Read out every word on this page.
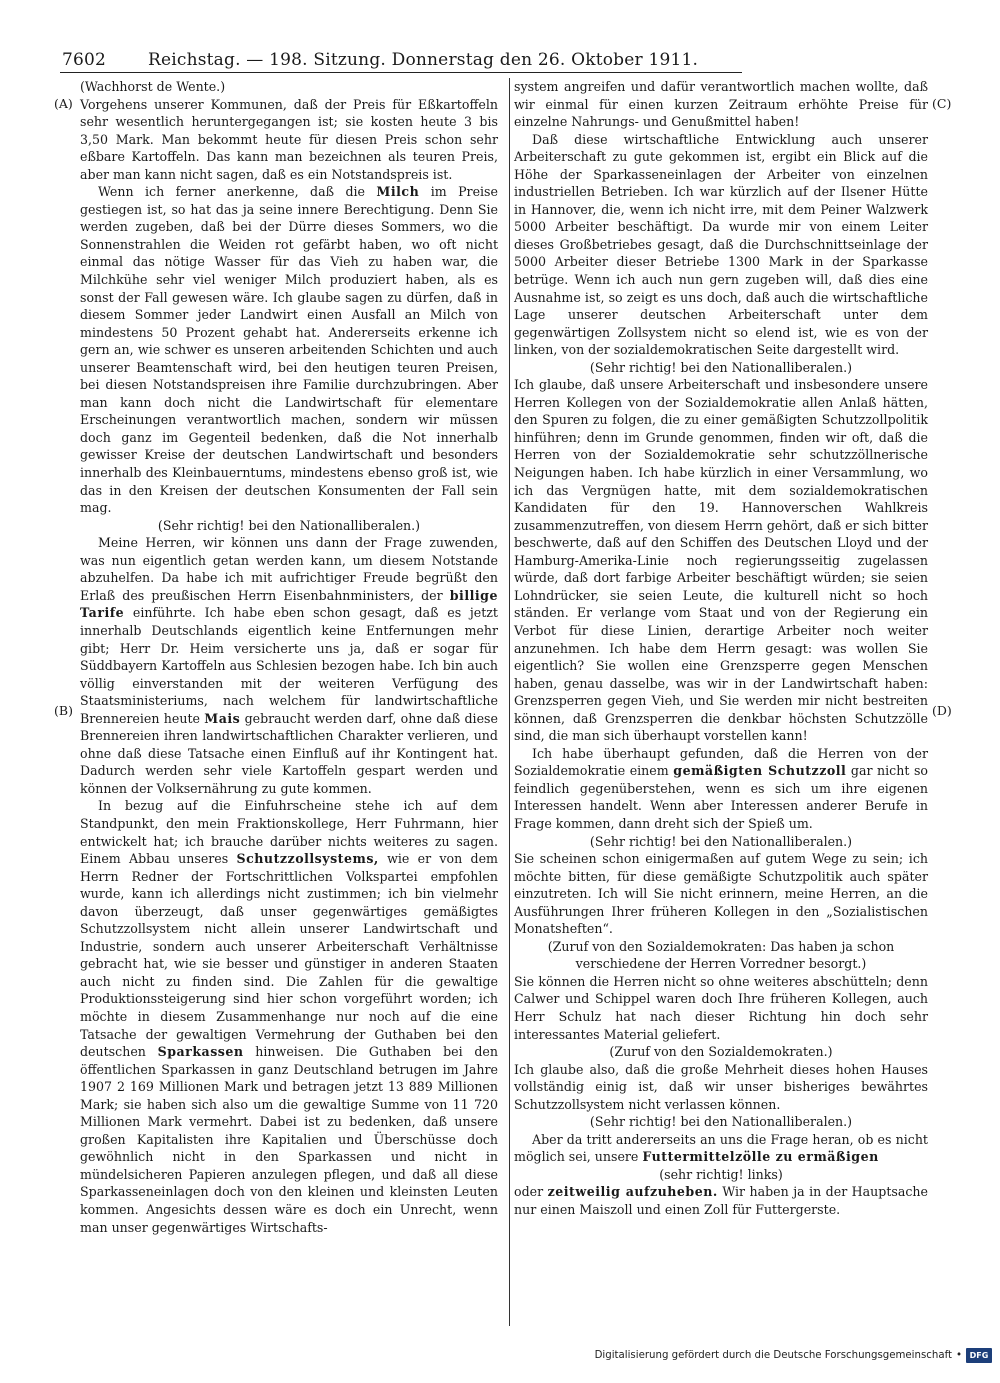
7602	Reichstag. — 198. Sitzung. Donnerstag den 26. Oktober 1911.
(A)
(B)
(C)
(D)

(Wachhorst de Wente.)

Vorgehens unserer Kommunen, daß der Preis für Eßkartoffeln sehr wesentlich heruntergegangen ist; sie kosten heute 3 bis 3,50 Mark. Man bekommt heute für diesen Preis schon sehr eßbare Kartoffeln. Das kann man bezeichnen als teuren Preis, aber man kann nicht sagen, daß es ein Notstandspreis ist.

Wenn ich ferner anerkenne, daß die Milch im Preise gestiegen ist, so hat das ja seine innere Berechtigung. Denn Sie werden zugeben, daß bei der Dürre dieses Sommers, wo die Sonnenstrahlen die Weiden rot gefärbt haben, wo oft nicht einmal das nötige Wasser für das Vieh zu haben war, die Milchkühe sehr viel weniger Milch produziert haben, als es sonst der Fall gewesen wäre. Ich glaube sagen zu dürfen, daß in diesem Sommer jeder Landwirt einen Ausfall an Milch von mindestens 50 Prozent gehabt hat. Andererseits erkenne ich gern an, wie schwer es unseren arbeitenden Schichten und auch unserer Beamtenschaft wird, bei den heutigen teuren Preisen, bei diesen Notstandspreisen ihre Familie durchzubringen. Aber man kann doch nicht die Landwirtschaft für elementare Erscheinungen verantwortlich machen, sondern wir müssen doch ganz im Gegenteil bedenken, daß die Not innerhalb gewisser Kreise der deutschen Landwirtschaft und besonders innerhalb des Kleinbauerntums, mindestens ebenso groß ist, wie das in den Kreisen der deutschen Konsumenten der Fall sein mag.

(Sehr richtig! bei den Nationalliberalen.)

Meine Herren, wir können uns dann der Frage zuwenden, was nun eigentlich getan werden kann, um diesem Notstande abzuhelfen. Da habe ich mit aufrichtiger Freude begrüßt den Erlaß des preußischen Herrn Eisenbahnministers, der billige Tarife einführte. Ich habe eben schon gesagt, daß es jetzt innerhalb Deutschlands eigentlich keine Entfernungen mehr gibt; Herr Dr. Heim versicherte uns ja, daß er sogar für Süddbayern Kartoffeln aus Schlesien bezogen habe. Ich bin auch völlig einverstanden mit der weiteren Verfügung des Staatsministeriums, nach welchem für landwirtschaftliche Brennereien heute Mais gebraucht werden darf, ohne daß diese Brennereien ihren landwirtschaftlichen Charakter verlieren, und ohne daß diese Tatsache einen Einfluß auf ihr Kontingent hat. Dadurch werden sehr viele Kartoffeln gespart werden und können der Volksernährung zu gute kommen.

In bezug auf die Einfuhrscheine stehe ich auf dem Standpunkt, den mein Fraktionskollege, Herr Fuhrmann, hier entwickelt hat; ich brauche darüber nichts weiteres zu sagen. Einem Abbau unseres Schutzzollsystems, wie er von dem Herrn Redner der Fortschrittlichen Volkspartei empfohlen wurde, kann ich allerdings nicht zustimmen; ich bin vielmehr davon überzeugt, daß unser gegenwärtiges gemäßigtes Schutzzollsystem nicht allein unserer Landwirtschaft und Industrie, sondern auch unserer Arbeiterschaft Verhältnisse gebracht hat, wie sie besser und günstiger in anderen Staaten auch nicht zu finden sind. Die Zahlen für die gewaltige Produktionssteigerung sind hier schon vorgeführt worden; ich möchte in diesem Zusammenhange nur noch auf die eine Tatsache der gewaltigen Vermehrung der Guthaben bei den deutschen Sparkassen hinweisen. Die Guthaben bei den öffentlichen Sparkassen in ganz Deutschland betrugen im Jahre 1907 2 169 Millionen Mark und betragen jetzt 13 889 Millionen Mark; sie haben sich also um die gewaltige Summe von 11 720 Millionen Mark vermehrt. Dabei ist zu bedenken, daß unsere großen Kapitalisten ihre Kapitalien und Überschüsse doch gewöhnlich nicht in den Sparkassen und nicht in mündelsicheren Papieren anzulegen pflegen, und daß all diese Sparkasseneinlagen doch von den kleinen und kleinsten Leuten kommen. Angesichts dessen wäre es doch ein Unrecht, wenn man unser gegenwärtiges Wirtschafts-

system angreifen und dafür verantwortlich machen wollte, daß wir einmal für einen kurzen Zeitraum erhöhte Preise für einzelne Nahrungs- und Genußmittel haben!

Daß diese wirtschaftliche Entwicklung auch unserer Arbeiterschaft zu gute gekommen ist, ergibt ein Blick auf die Höhe der Sparkasseneinlagen der Arbeiter von einzelnen industriellen Betrieben. Ich war kürzlich auf der Ilsener Hütte in Hannover, die, wenn ich nicht irre, mit dem Peiner Walzwerk 5000 Arbeiter beschäftigt. Da wurde mir von einem Leiter dieses Großbetriebes gesagt, daß die Durchschnittseinlage der 5000 Arbeiter dieser Betriebe 1300 Mark in der Sparkasse betrüge. Wenn ich auch nun gern zugeben will, daß dies eine Ausnahme ist, so zeigt es uns doch, daß auch die wirtschaftliche Lage unserer deutschen Arbeiterschaft unter dem gegenwärtigen Zollsystem nicht so elend ist, wie es von der linken, von der sozialdemokratischen Seite dargestellt wird.

(Sehr richtig! bei den Nationalliberalen.)

Ich glaube, daß unsere Arbeiterschaft und insbesondere unsere Herren Kollegen von der Sozialdemokratie allen Anlaß hätten, den Spuren zu folgen, die zu einer gemäßigten Schutzzollpolitik hinführen; denn im Grunde genommen, finden wir oft, daß die Herren von der Sozialdemokratie sehr schutzzöllnerische Neigungen haben. Ich habe kürzlich in einer Versammlung, wo ich das Vergnügen hatte, mit dem sozialdemokratischen Kandidaten für den 19. Hannoverschen Wahlkreis zusammenzutreffen, von diesem Herrn gehört, daß er sich bitter beschwerte, daß auf den Schiffen des Deutschen Lloyd und der Hamburg-Amerika-Linie noch regierungsseitig zugelassen würde, daß dort farbige Arbeiter beschäftigt würden; sie seien Lohndrücker, sie seien Leute, die kulturell nicht so hoch ständen. Er verlange vom Staat und von der Regierung ein Verbot für diese Linien, derartige Arbeiter noch weiter anzunehmen. Ich habe dem Herrn gesagt: was wollen Sie eigentlich? Sie wollen eine Grenzsperre gegen Menschen haben, genau dasselbe, was wir in der Landwirtschaft haben: Grenzsperren gegen Vieh, und Sie werden mir nicht bestreiten können, daß Grenzsperren die denkbar höchsten Schutzzölle sind, die man sich überhaupt vorstellen kann!

Ich habe überhaupt gefunden, daß die Herren von der Sozialdemokratie einem gemäßigten Schutzzoll gar nicht so feindlich gegenüberstehen, wenn es sich um ihre eigenen Interessen handelt. Wenn aber Interessen anderer Berufe in Frage kommen, dann dreht sich der Spieß um.

(Sehr richtig! bei den Nationalliberalen.)

Sie scheinen schon einigermaßen auf gutem Wege zu sein; ich möchte bitten, für diese gemäßigte Schutzpolitik auch später einzutreten. Ich will Sie nicht erinnern, meine Herren, an die Ausführungen Ihrer früheren Kollegen in den „Sozialistischen Monatsheften“.

(Zuruf von den Sozialdemokraten: Das haben ja schon verschiedene der Herren Vorredner besorgt.)

Sie können die Herren nicht so ohne weiteres abschütteln; denn Calwer und Schippel waren doch Ihre früheren Kollegen, auch Herr Schulz hat nach dieser Richtung hin doch sehr interessantes Material geliefert.

(Zuruf von den Sozialdemokraten.)

Ich glaube also, daß die große Mehrheit dieses hohen Hauses vollständig einig ist, daß wir unser bisheriges bewährtes Schutzzollsystem nicht verlassen können.

(Sehr richtig! bei den Nationalliberalen.)

Aber da tritt andererseits an uns die Frage heran, ob es nicht möglich sei, unsere Futtermittelzölle zu ermäßigen

(sehr richtig! links)

oder zeitweilig aufzuheben. Wir haben ja in der Hauptsache nur einen Maiszoll und einen Zoll für Futtergerste.

Digitalisierung gefördert durch die Deutsche Forschungsgemeinschaft • DFG
